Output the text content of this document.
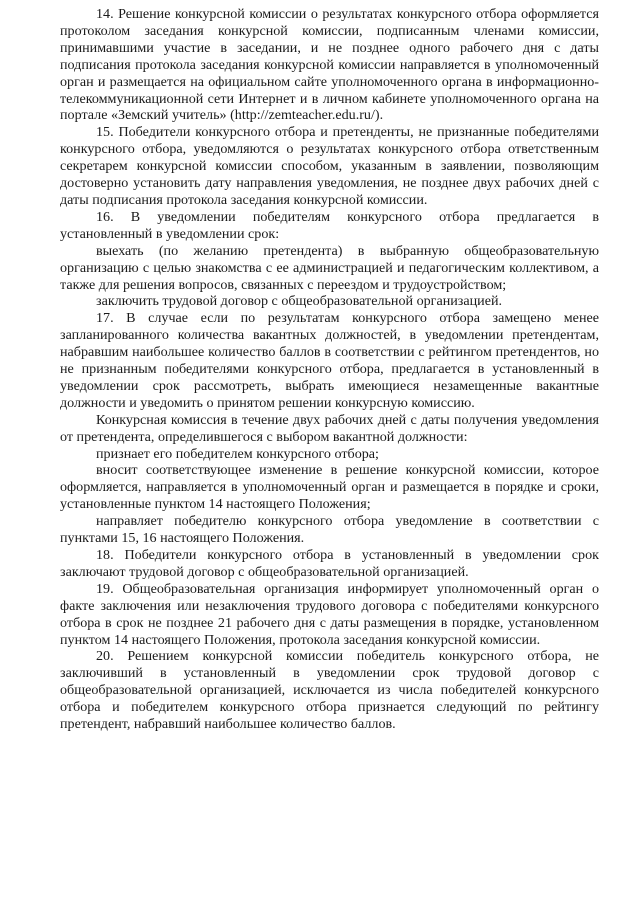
14. Решение конкурсной комиссии о результатах конкурсного отбора оформляется протоколом заседания конкурсной комиссии, подписанным членами комиссии, принимавшими участие в заседании, и не позднее одного рабочего дня с даты подписания протокола заседания конкурсной комиссии направляется в уполномоченный орган и размещается на официальном сайте уполномоченного органа в информационно-телекоммуникационной сети Интернет и в личном кабинете уполномоченного органа на портале «Земский учитель» (http://zemteacher.edu.ru/).

15. Победители конкурсного отбора и претенденты, не признанные победителями конкурсного отбора, уведомляются о результатах конкурсного отбора ответственным секретарем конкурсной комиссии способом, указанным в заявлении, позволяющим достоверно установить дату направления уведомления, не позднее двух рабочих дней с даты подписания протокола заседания конкурсной комиссии.

16. В уведомлении победителям конкурсного отбора предлагается в установленный в уведомлении срок:

выехать (по желанию претендента) в выбранную общеобразовательную организацию с целью знакомства с ее администрацией и педагогическим коллективом, а также для решения вопросов, связанных с переездом и трудоустройством;

заключить трудовой договор с общеобразовательной организацией.

17. В случае если по результатам конкурсного отбора замещено менее запланированного количества вакантных должностей, в уведомлении претендентам, набравшим наибольшее количество баллов в соответствии с рейтингом претендентов, но не признанным победителями конкурсного отбора, предлагается в установленный в уведомлении срок рассмотреть, выбрать имеющиеся незамещенные вакантные должности и уведомить о принятом решении конкурсную комиссию.

Конкурсная комиссия в течение двух рабочих дней с даты получения уведомления от претендента, определившегося с выбором вакантной должности:

признает его победителем конкурсного отбора;

вносит соответствующее изменение в решение конкурсной комиссии, которое оформляется, направляется в уполномоченный орган и размещается в порядке и сроки, установленные пунктом 14 настоящего Положения;

направляет победителю конкурсного отбора уведомление в соответствии с пунктами 15, 16 настоящего Положения.

18. Победители конкурсного отбора в установленный в уведомлении срок заключают трудовой договор с общеобразовательной организацией.

19. Общеобразовательная организация информирует уполномоченный орган о факте заключения или незаключения трудового договора с победителями конкурсного отбора в срок не позднее 21 рабочего дня с даты размещения в порядке, установленном пунктом 14 настоящего Положения, протокола заседания конкурсной комиссии.

20. Решением конкурсной комиссии победитель конкурсного отбора, не заключивший в установленный в уведомлении срок трудовой договор с общеобразовательной организацией, исключается из числа победителей конкурсного отбора и победителем конкурсного отбора признается следующий по рейтингу претендент, набравший наибольшее количество баллов.
